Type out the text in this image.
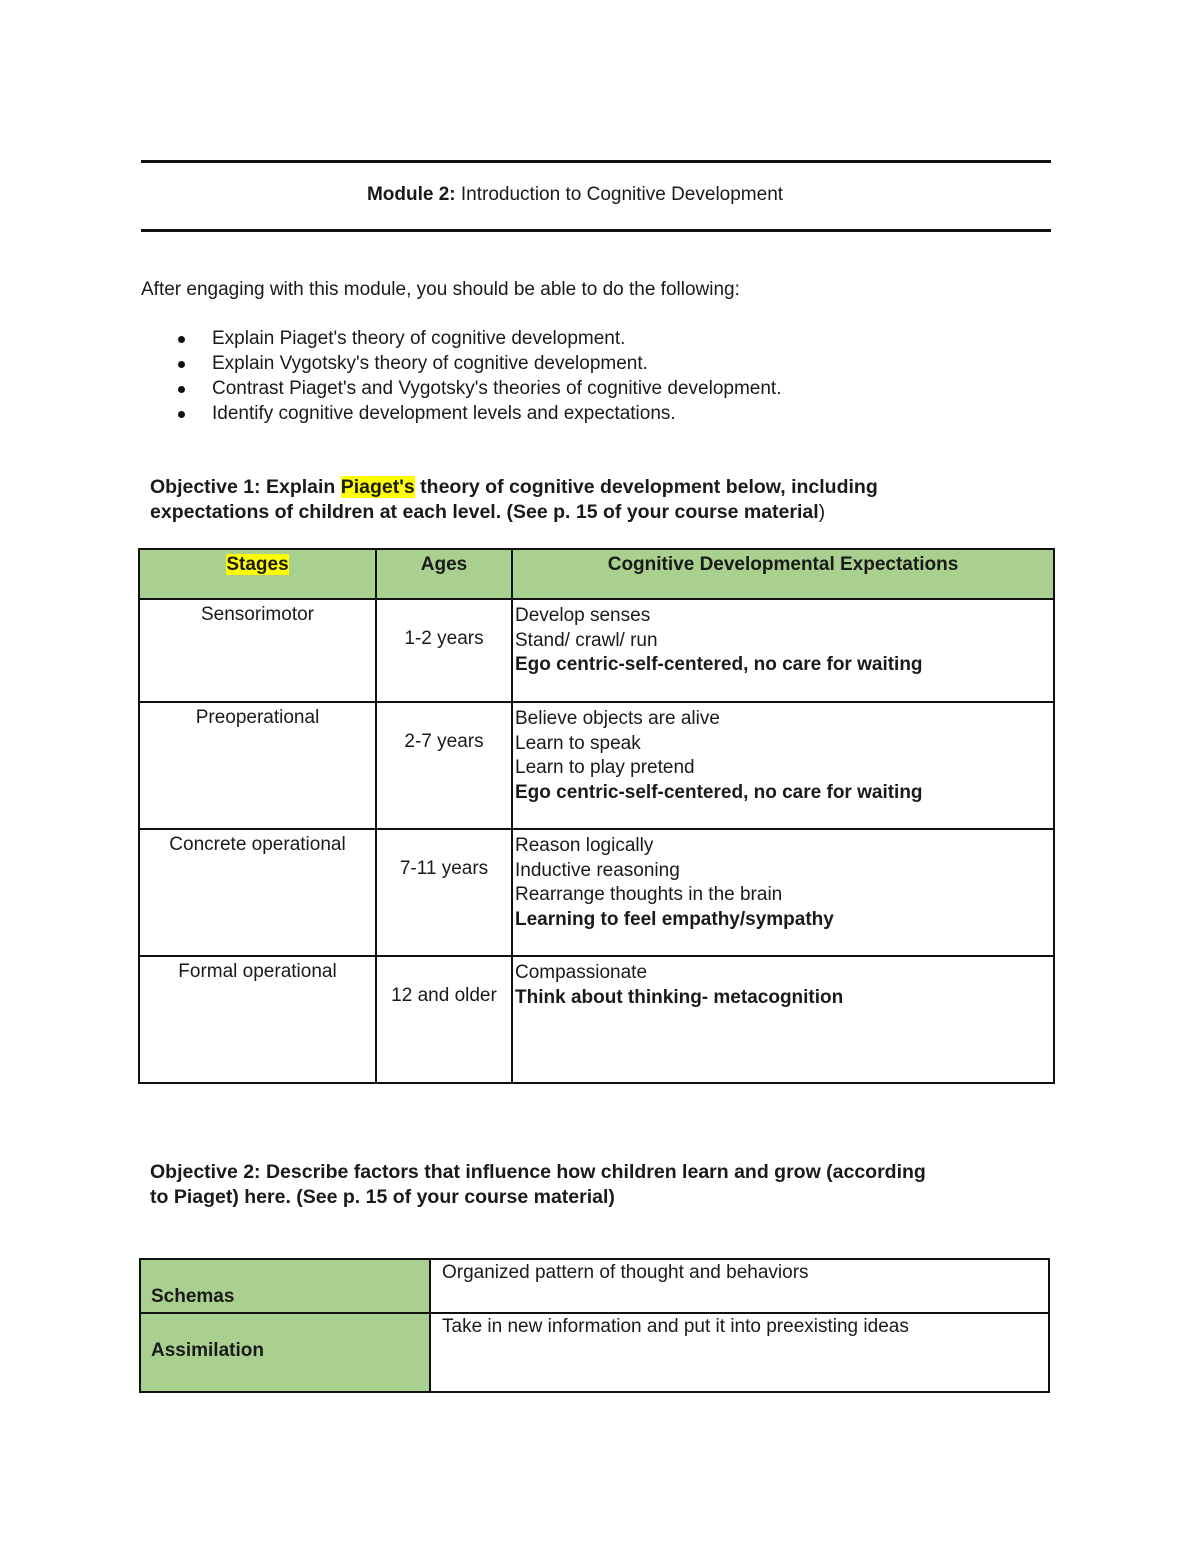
Module 2: Introduction to Cognitive Development
After engaging with this module, you should be able to do the following:
Explain Piaget's theory of cognitive development.
Explain Vygotsky's theory of cognitive development.
Contrast Piaget's and Vygotsky's theories of cognitive development.
Identify cognitive development levels and expectations.
Objective 1: Explain Piaget's theory of cognitive development below, including
expectations of children at each level. (See p. 15 of your course material)
Stages	Ages	Cognitive Developmental Expectations
Sensorimotor	1-2 years	Develop senses
Stand/ crawl/ run
Ego centric-self-centered, no care for waiting

Preoperational	2-7 years	Believe objects are alive
Learn to speak
Learn to play pretend
Ego centric-self-centered, no care for waiting

Concrete operational	7-11 years	Reason logically
Inductive reasoning
Rearrange thoughts in the brain
Learning to feel empathy/sympathy

Formal operational	12 and older	Compassionate
Think about thinking- metacognition
Objective 2: Describe factors that influence how children learn and grow (according
to Piaget) here. (See p. 15 of your course material)
Schemas	Organized pattern of thought and behaviors
Assimilation	Take in new information and put it into preexisting ideas
